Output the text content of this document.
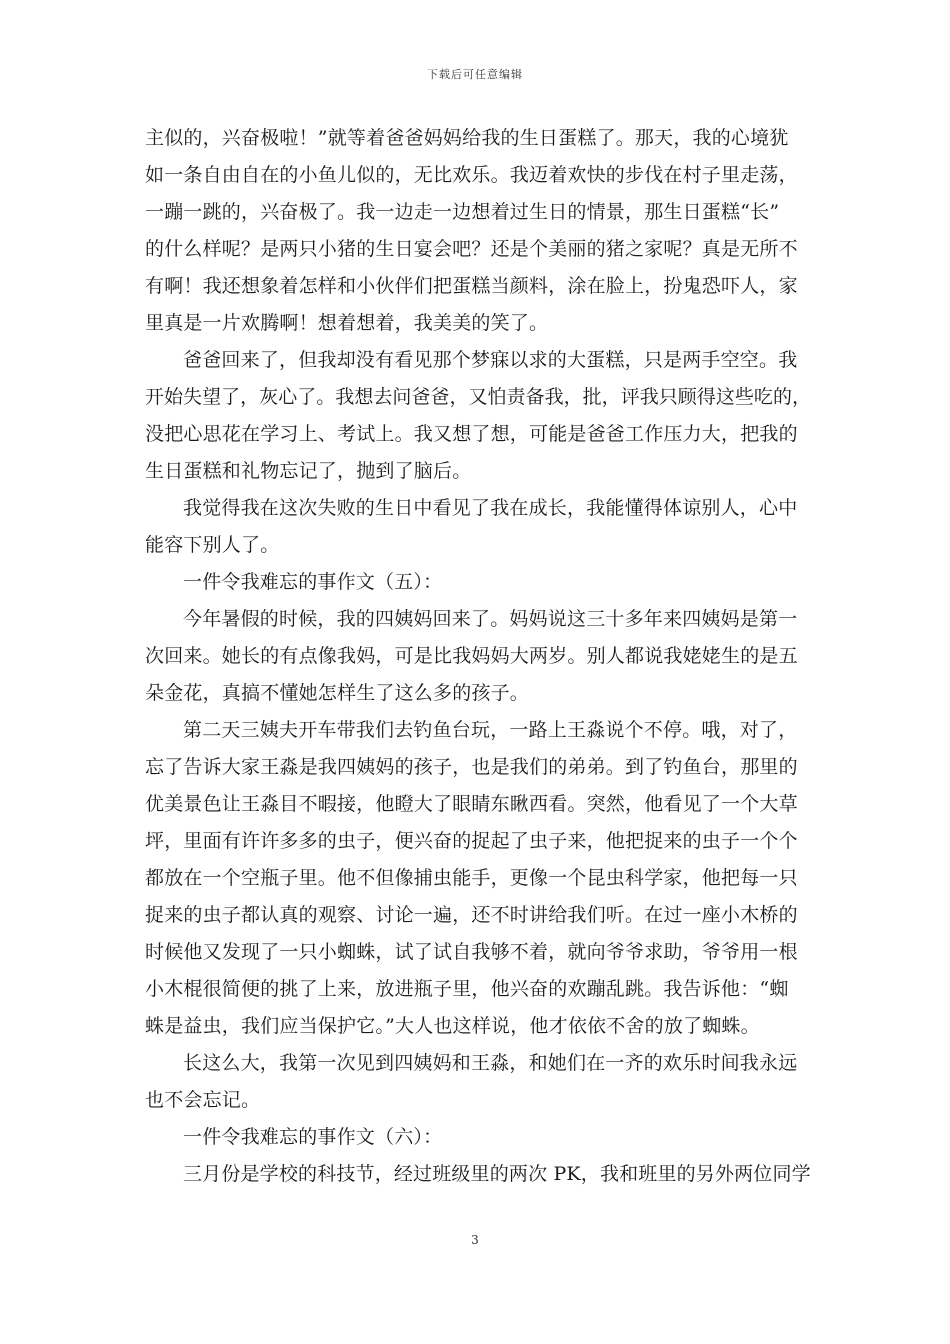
下载后可任意编辑
主似的，兴奋极啦！”就等着爸爸妈妈给我的生日蛋糕了。那天，我的心境犹
如一条自由自在的小鱼儿似的，无比欢乐。我迈着欢快的步伐在村子里走荡，
一蹦一跳的，兴奋极了。我一边走一边想着过生日的情景，那生日蛋糕“长”
的什么样呢？是两只小猪的生日宴会吧？还是个美丽的猪之家呢？真是无所不
有啊！我还想象着怎样和小伙伴们把蛋糕当颜料，涂在脸上，扮鬼恐吓人，家
里真是一片欢腾啊！想着想着，我美美的笑了。
爸爸回来了，但我却没有看见那个梦寐以求的大蛋糕，只是两手空空。我
开始失望了，灰心了。我想去问爸爸，又怕责备我，批，评我只顾得这些吃的，
没把心思花在学习上、考试上。我又想了想，可能是爸爸工作压力大，把我的
生日蛋糕和礼物忘记了，抛到了脑后。
我觉得我在这次失败的生日中看见了我在成长，我能懂得体谅别人，心中
能容下别人了。
一件令我难忘的事作文（五）：
今年暑假的时候，我的四姨妈回来了。妈妈说这三十多年来四姨妈是第一
次回来。她长的有点像我妈，可是比我妈妈大两岁。别人都说我姥姥生的是五
朵金花，真搞不懂她怎样生了这么多的孩子。
第二天三姨夫开车带我们去钓鱼台玩，一路上王淼说个不停。哦，对了，
忘了告诉大家王淼是我四姨妈的孩子，也是我们的弟弟。到了钓鱼台，那里的
优美景色让王淼目不暇接，他瞪大了眼睛东瞅西看。突然，他看见了一个大草
坪，里面有许许多多的虫子，便兴奋的捉起了虫子来，他把捉来的虫子一个个
都放在一个空瓶子里。他不但像捕虫能手，更像一个昆虫科学家，他把每一只
捉来的虫子都认真的观察、讨论一遍，还不时讲给我们听。在过一座小木桥的
时候他又发现了一只小蜘蛛，试了试自我够不着，就向爷爷求助，爷爷用一根
小木棍很简便的挑了上来，放进瓶子里，他兴奋的欢蹦乱跳。我告诉他：“蜘
蛛是益虫，我们应当保护它。”大人也这样说，他才依依不舍的放了蜘蛛。
长这么大，我第一次见到四姨妈和王淼，和她们在一齐的欢乐时间我永远
也不会忘记。
一件令我难忘的事作文（六）：
三月份是学校的科技节，经过班级里的两次 PK，我和班里的另外两位同学
3
